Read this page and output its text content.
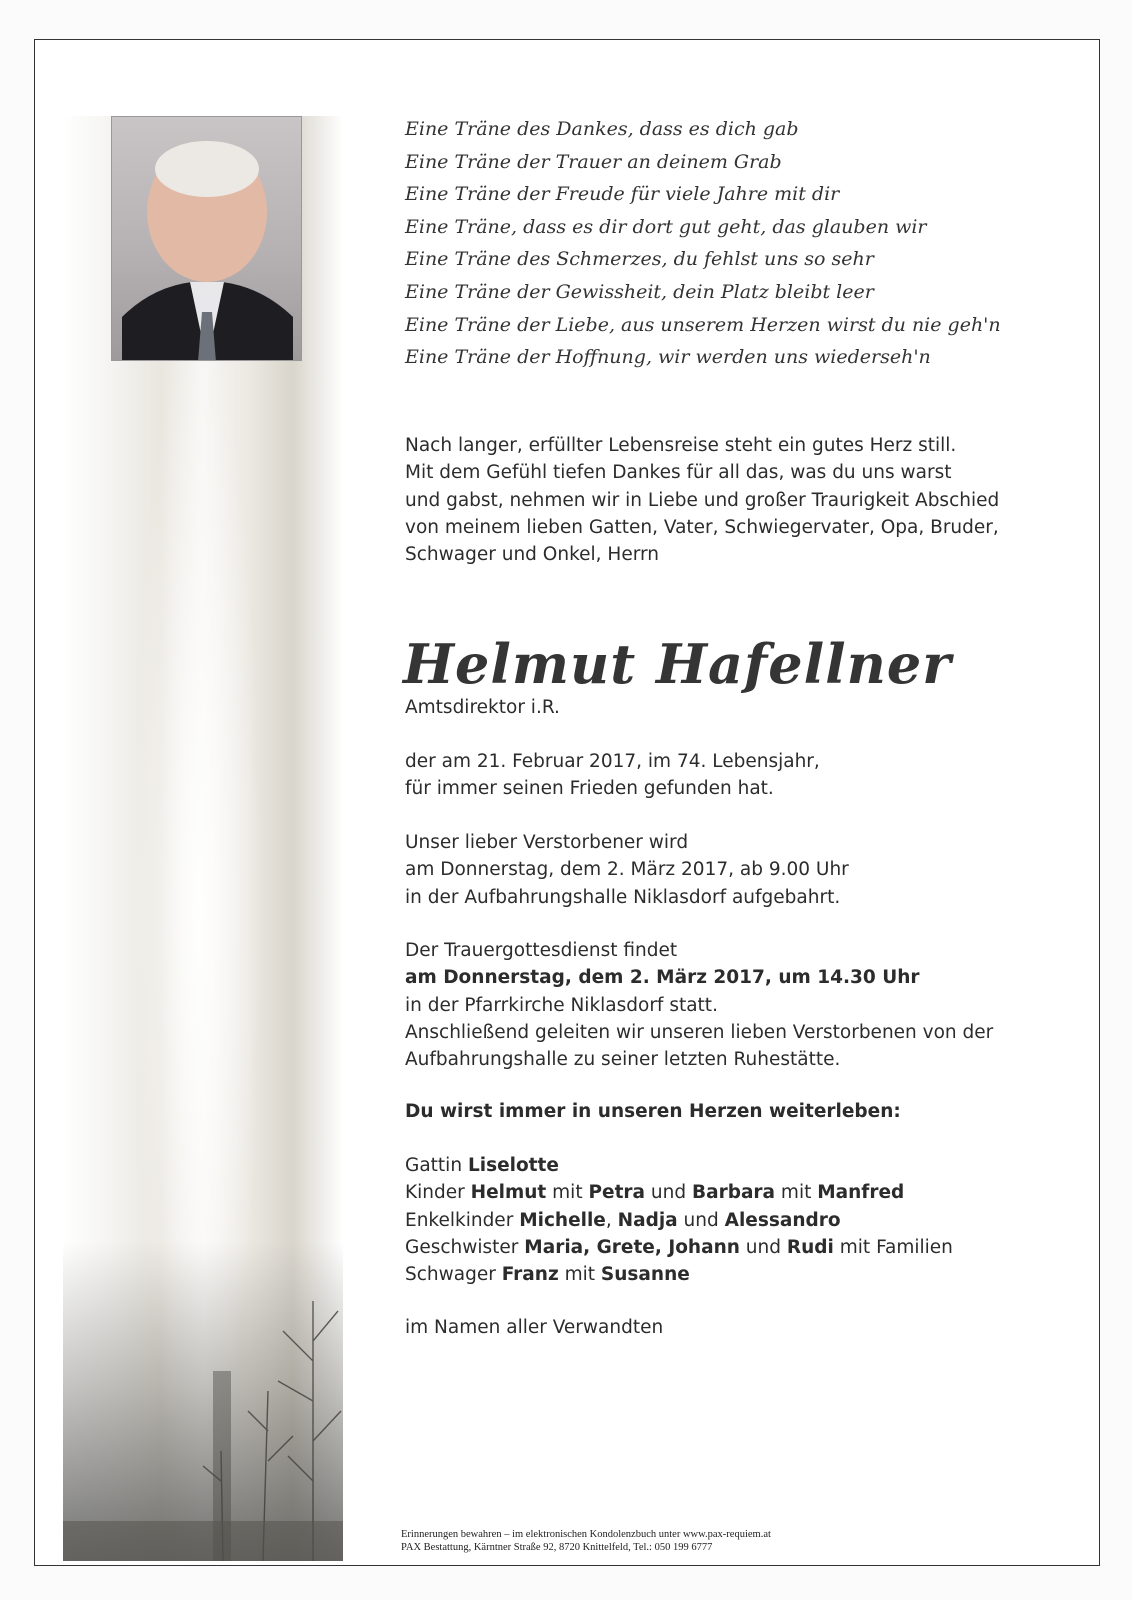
Eine Träne des Dankes, dass es dich gab
Eine Träne der Trauer an deinem Grab
Eine Träne der Freude für viele Jahre mit dir
Eine Träne, dass es dir dort gut geht, das glauben wir
Eine Träne des Schmerzes, du fehlst uns so sehr
Eine Träne der Gewissheit, dein Platz bleibt leer
Eine Träne der Liebe, aus unserem Herzen wirst du nie geh'n
Eine Träne der Hoffnung, wir werden uns wiederseh'n
Nach langer, erfüllter Lebensreise steht ein gutes Herz still.
Mit dem Gefühl tiefen Dankes für all das, was du uns warst
und gabst, nehmen wir in Liebe und großer Traurigkeit Abschied
von meinem lieben Gatten, Vater, Schwiegervater, Opa, Bruder,
Schwager und Onkel, Herrn
Helmut Hafellner
Amtsdirektor i.R.
der am 21. Februar 2017, im 74. Lebensjahr,
für immer seinen Frieden gefunden hat.
Unser lieber Verstorbener wird
am Donnerstag, dem 2. März 2017, ab 9.00 Uhr
in der Aufbahrungshalle Niklasdorf aufgebahrt.
Der Trauergottesdienst findet
am Donnerstag, dem 2. März 2017, um 14.30 Uhr
in der Pfarrkirche Niklasdorf statt.
Anschließend geleiten wir unseren lieben Verstorbenen von der
Aufbahrungshalle zu seiner letzten Ruhestätte.
Du wirst immer in unseren Herzen weiterleben:
Gattin Liselotte
Kinder Helmut mit Petra und Barbara mit Manfred
Enkelkinder Michelle, Nadja und Alessandro
Geschwister Maria, Grete, Johann und Rudi mit Familien
Schwager Franz mit Susanne
im Namen aller Verwandten
Erinnerungen bewahren – im elektronischen Kondolenzbuch unter www.pax-requiem.at
PAX Bestattung, Kärntner Straße 92, 8720 Knittelfeld, Tel.: 050 199 6777
